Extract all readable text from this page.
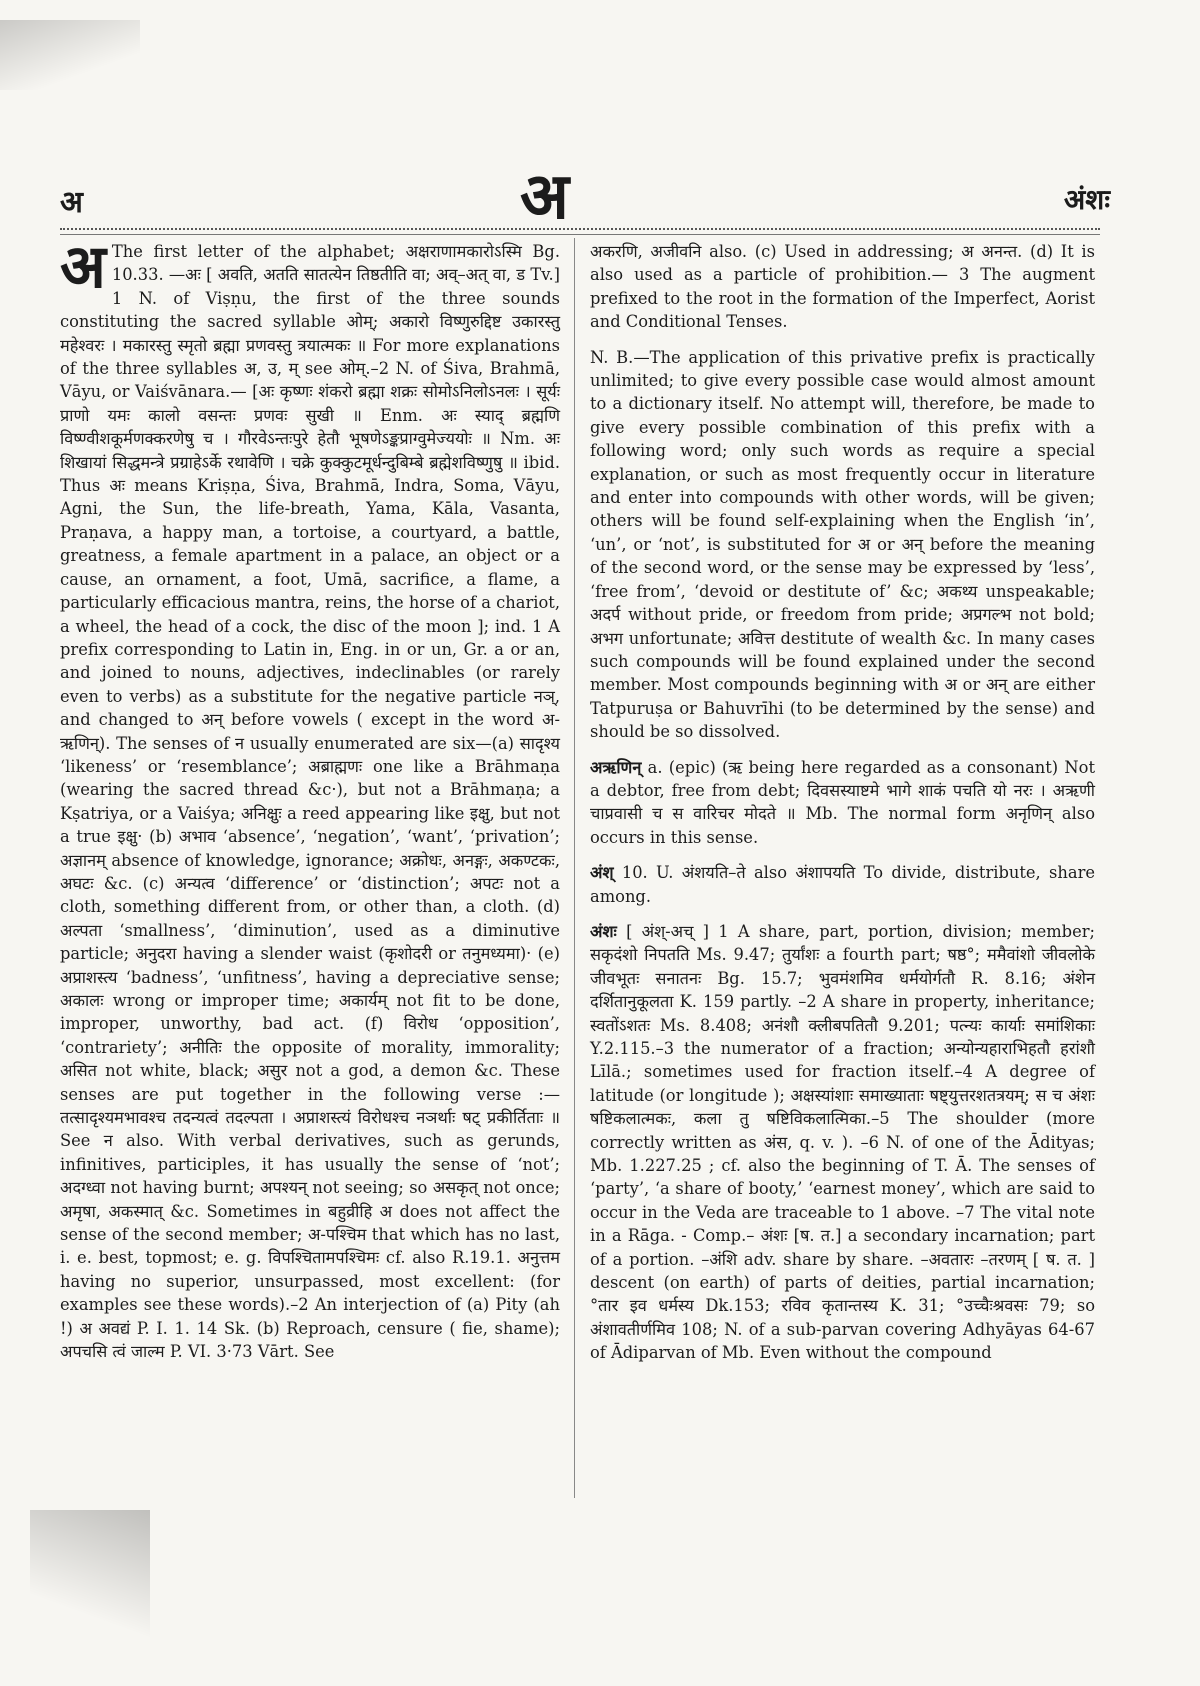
अ	अ	अंशः

अ The first letter of the alphabet; अक्षराणामकारोऽस्मि Bg. 10.33. —अः [ अवति, अतति सातत्येन तिष्ठतीति वा; अव्–अत् वा, ड Tv.] 1 N. of Viṣṇu, the first of the three sounds constituting the sacred syllable ओम्; अकारो विष्णुरुद्दिष्ट उकारस्तु महेश्वरः । मकारस्तु स्मृतो ब्रह्मा प्रणवस्तु त्रयात्मकः ॥ For more explanations of the three syllables अ, उ, म् see ओम्.–2 N. of Śiva, Brahmā, Vāyu, or Vaiśvānara.— [अः कृष्णः शंकरो ब्रह्मा शक्रः सोमोऽनिलोऽनलः । सूर्यः प्राणो यमः कालो वसन्तः प्रणवः सुखी ॥ Enm. अः स्याद् ब्रह्मणि विष्ण्वीशकूर्मणक्करणेषु च । गौरवेऽन्तःपुरे हेतौ भूषणेऽङ्कप्राग्वुमेज्ययोः ॥ Nm. अः शिखायां सिद्धमन्त्रे प्रग्राहेऽर्के रथावेणि । चक्रे कुक्कुटमूर्धन्दुबिम्बे ब्रह्मेशविष्णुषु ॥ ibid. Thus अः means Kriṣṇa, Śiva, Brahmā, Indra, Soma, Vāyu, Agni, the Sun, the life-breath, Yama, Kāla, Vasanta, Praṇava, a happy man, a tortoise, a courtyard, a battle, greatness, a female apartment in a palace, an object or a cause, an ornament, a foot, Umā, sacrifice, a flame, a particularly efficacious mantra, reins, the horse of a chariot, a wheel, the head of a cock, the disc of the moon ]; ind. 1 A prefix corresponding to Latin in, Eng. in or un, Gr. a or an, and joined to nouns, adjectives, indeclinables (or rarely even to verbs) as a substitute for the negative particle नञ्, and changed to अन् before vowels ( except in the word अ-ऋणिन्). The senses of न usually enumerated are six—(a) सादृश्य ‘likeness’ or ‘resemblance’; अब्राह्मणः one like a Brāhmaṇa (wearing the sacred thread &c·), but not a Brāhmaṇa; a Kṣatriya, or a Vaiśya; अनिक्षुः a reed appearing like इक्षु, but not a true इक्षु· (b) अभाव ‘absence’, ‘negation’, ‘want’, ‘privation’; अज्ञानम् absence of knowledge, ignorance; अक्रोधः, अनङ्गः, अकण्टकः, अघटः &c. (c) अन्यत्व ‘difference’ or ‘distinction’; अपटः not a cloth, something different from, or other than, a cloth. (d) अल्पता ‘smallness’, ‘diminution’, used as a diminutive particle; अनुदरा having a slender waist (कृशोदरी or तनुमध्यमा)· (e) अप्राशस्त्य ‘badness’, ‘unfitness’, having a depreciative sense; अकालः wrong or improper time; अकार्यम् not fit to be done, improper, unworthy, bad act. (f) विरोध ‘opposition’, ‘contrariety’; अनीतिः the opposite of morality, immorality; असित not white, black; असुर not a god, a demon &c. These senses are put together in the following verse :— तत्सादृश्यमभावश्च तदन्यत्वं तदल्पता । अप्राशस्त्यं विरोधश्च नञर्थाः षट् प्रकीर्तिताः ॥ See न also. With verbal derivatives, such as gerunds, infinitives, participles, it has usually the sense of ‘not’; अदग्ध्वा not having burnt; अपश्यन् not seeing; so असकृत् not once; अमृषा, अकस्मात् &c. Sometimes in बहुव्रीहि अ does not affect the sense of the second member; अ-पश्चिम that which has no last, i. e. best, topmost; e. g. विपश्चितामपश्चिमः cf. also R.19.1. अनुत्तम having no superior, unsurpassed, most excellent: (for examples see these words).–2 An interjection of (a) Pity (ah !) अ अवद्यं P. I. 1. 14 Sk. (b) Reproach, censure ( fie, shame); अपचसि त्वं जाल्म P. VI. 3·73 Vārt. See

अकरणि, अजीवनि also. (c) Used in addressing; अ अनन्त. (d) It is also used as a particle of prohibition.— 3 The augment prefixed to the root in the formation of the Imperfect, Aorist and Conditional Tenses.

N. B.—The application of this privative prefix is practically unlimited; to give every possible case would almost amount to a dictionary itself. No attempt will, therefore, be made to give every possible combination of this prefix with a following word; only such words as require a special explanation, or such as most frequently occur in literature and enter into compounds with other words, will be given; others will be found self-explaining when the English ‘in’, ‘un’, or ‘not’, is substituted for अ or अन् before the meaning of the second word, or the sense may be expressed by ‘less’, ‘free from’, ‘devoid or destitute of’ &c; अकथ्य unspeakable; अदर्प without pride, or freedom from pride; अप्रगल्भ not bold; अभग unfortunate; अवित्त destitute of wealth &c. In many cases such compounds will be found explained under the second member. Most compounds beginning with अ or अन् are either Tatpuruṣa or Bahuvrīhi (to be determined by the sense) and should be so dissolved.

अऋणिन् a. (epic) (ऋ being here regarded as a consonant) Not a debtor, free from debt; दिवसस्याष्टमे भागे शाकं पचति यो नरः । अऋणी चाप्रवासी च स वारिचर मोदते ॥ Mb. The normal form अनृणिन् also occurs in this sense.

अंश् 10. U. अंशयति–ते also अंशापयति To divide, distribute, share among.

अंशः [ अंश्-अच् ] 1 A share, part, portion, division; member; सकृदंशो निपतति Ms. 9.47; तुर्यांशः a fourth part; षष्ठ°; ममैवांशो जीवलोके जीवभूतः सनातनः Bg. 15.7; भुवमंशमिव धर्मयोर्गतौ R. 8.16; अंशेन दर्शितानुकूलता K. 159 partly. –2 A share in property, inheritance; स्वतोंऽशतः Ms. 8.408; अनंशौ क्लीबपतितौ 9.201; पत्न्यः कार्याः समांशिकाः Y.2.115.–3 the numerator of a fraction; अन्योन्यहाराभिहतौ हरांशौ Līlā.; sometimes used for fraction itself.–4 A degree of latitude (or longitude ); अक्षस्यांशाः समाख्याताः षष्ट्युत्तरशतत्रयम्; स च अंशः षष्टिकलात्मकः, कला तु षष्टिविकलात्मिका.–5 The shoulder (more correctly written as अंस, q. v. ). –6 N. of one of the Ādityas; Mb. 1.227.25 ; cf. also the beginning of T. Ā. The senses of ‘party’, ‘a share of booty,’ ‘earnest money’, which are said to occur in the Veda are traceable to 1 above. –7 The vital note in a Rāga. - Comp.– अंशः [ष. त.] a secondary incarnation; part of a portion. –अंशि adv. share by share. –अवतारः –तरणम् [ ष. त. ] descent (on earth) of parts of deities, partial incarnation; °तार इव धर्मस्य Dk.153; रविव कृतान्तस्य K. 31; °उच्चैःश्रवसः 79; so अंशावतीर्णमिव 108; N. of a sub-parvan covering Adhyāyas 64-67 of Ādiparvan of Mb. Even without the compound
